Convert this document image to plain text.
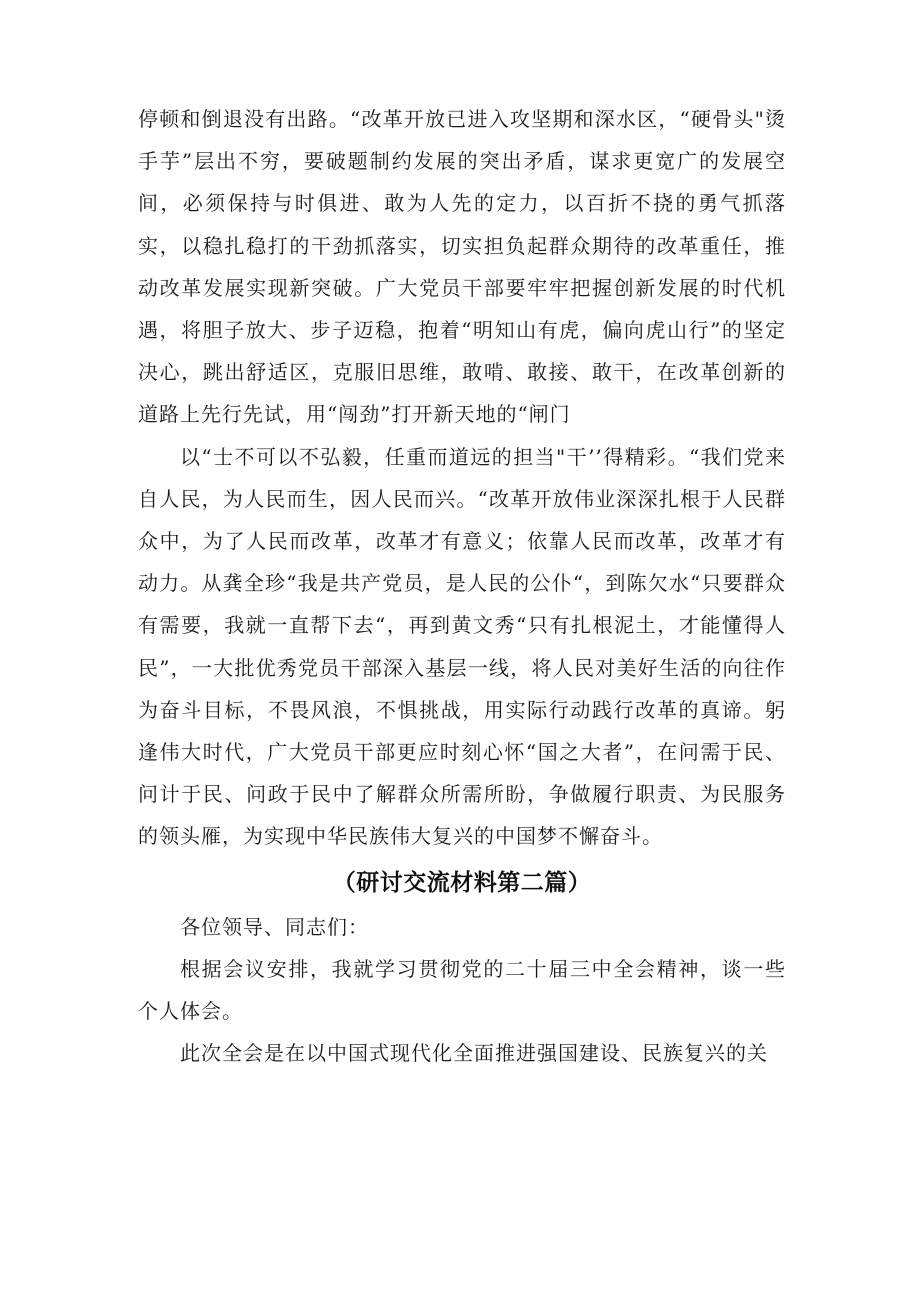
停顿和倒退没有出路。“改革开放已进入攻坚期和深水区，“硬骨头"烫手芋”层出不穷，要破题制约发展的突出矛盾，谋求更宽广的发展空间，必须保持与时俱进、敢为人先的定力，以百折不挠的勇气抓落实，以稳扎稳打的干劲抓落实，切实担负起群众期待的改革重任，推动改革发展实现新突破。广大党员干部要牢牢把握创新发展的时代机遇，将胆子放大、步子迈稳，抱着“明知山有虎，偏向虎山行”的坚定决心，跳出舒适区，克服旧思维，敢啃、敢接、敢干，在改革创新的道路上先行先试，用“闯劲”打开新天地的“闸门

以“士不可以不弘毅，任重而道远的担当"干’’得精彩。“我们党来自人民，为人民而生，因人民而兴。“改革开放伟业深深扎根于人民群众中，为了人民而改革，改革才有意义；依靠人民而改革，改革才有动力。从龚全珍“我是共产党员，是人民的公仆“，到陈欠水“只要群众有需要，我就一直帮下去“，再到黄文秀“只有扎根泥土，才能懂得人民”，一大批优秀党员干部深入基层一线，将人民对美好生活的向往作为奋斗目标，不畏风浪，不惧挑战，用实际行动践行改革的真谛。躬逢伟大时代，广大党员干部更应时刻心怀“国之大者”，在问需于民、问计于民、问政于民中了解群众所需所盼，争做履行职责、为民服务的领头雁，为实现中华民族伟大复兴的中国梦不懈奋斗。

（研讨交流材料第二篇）

各位领导、同志们：

根据会议安排，我就学习贯彻党的二十届三中全会精神，谈一些个人体会。

此次全会是在以中国式现代化全面推进强国建设、民族复兴的关
